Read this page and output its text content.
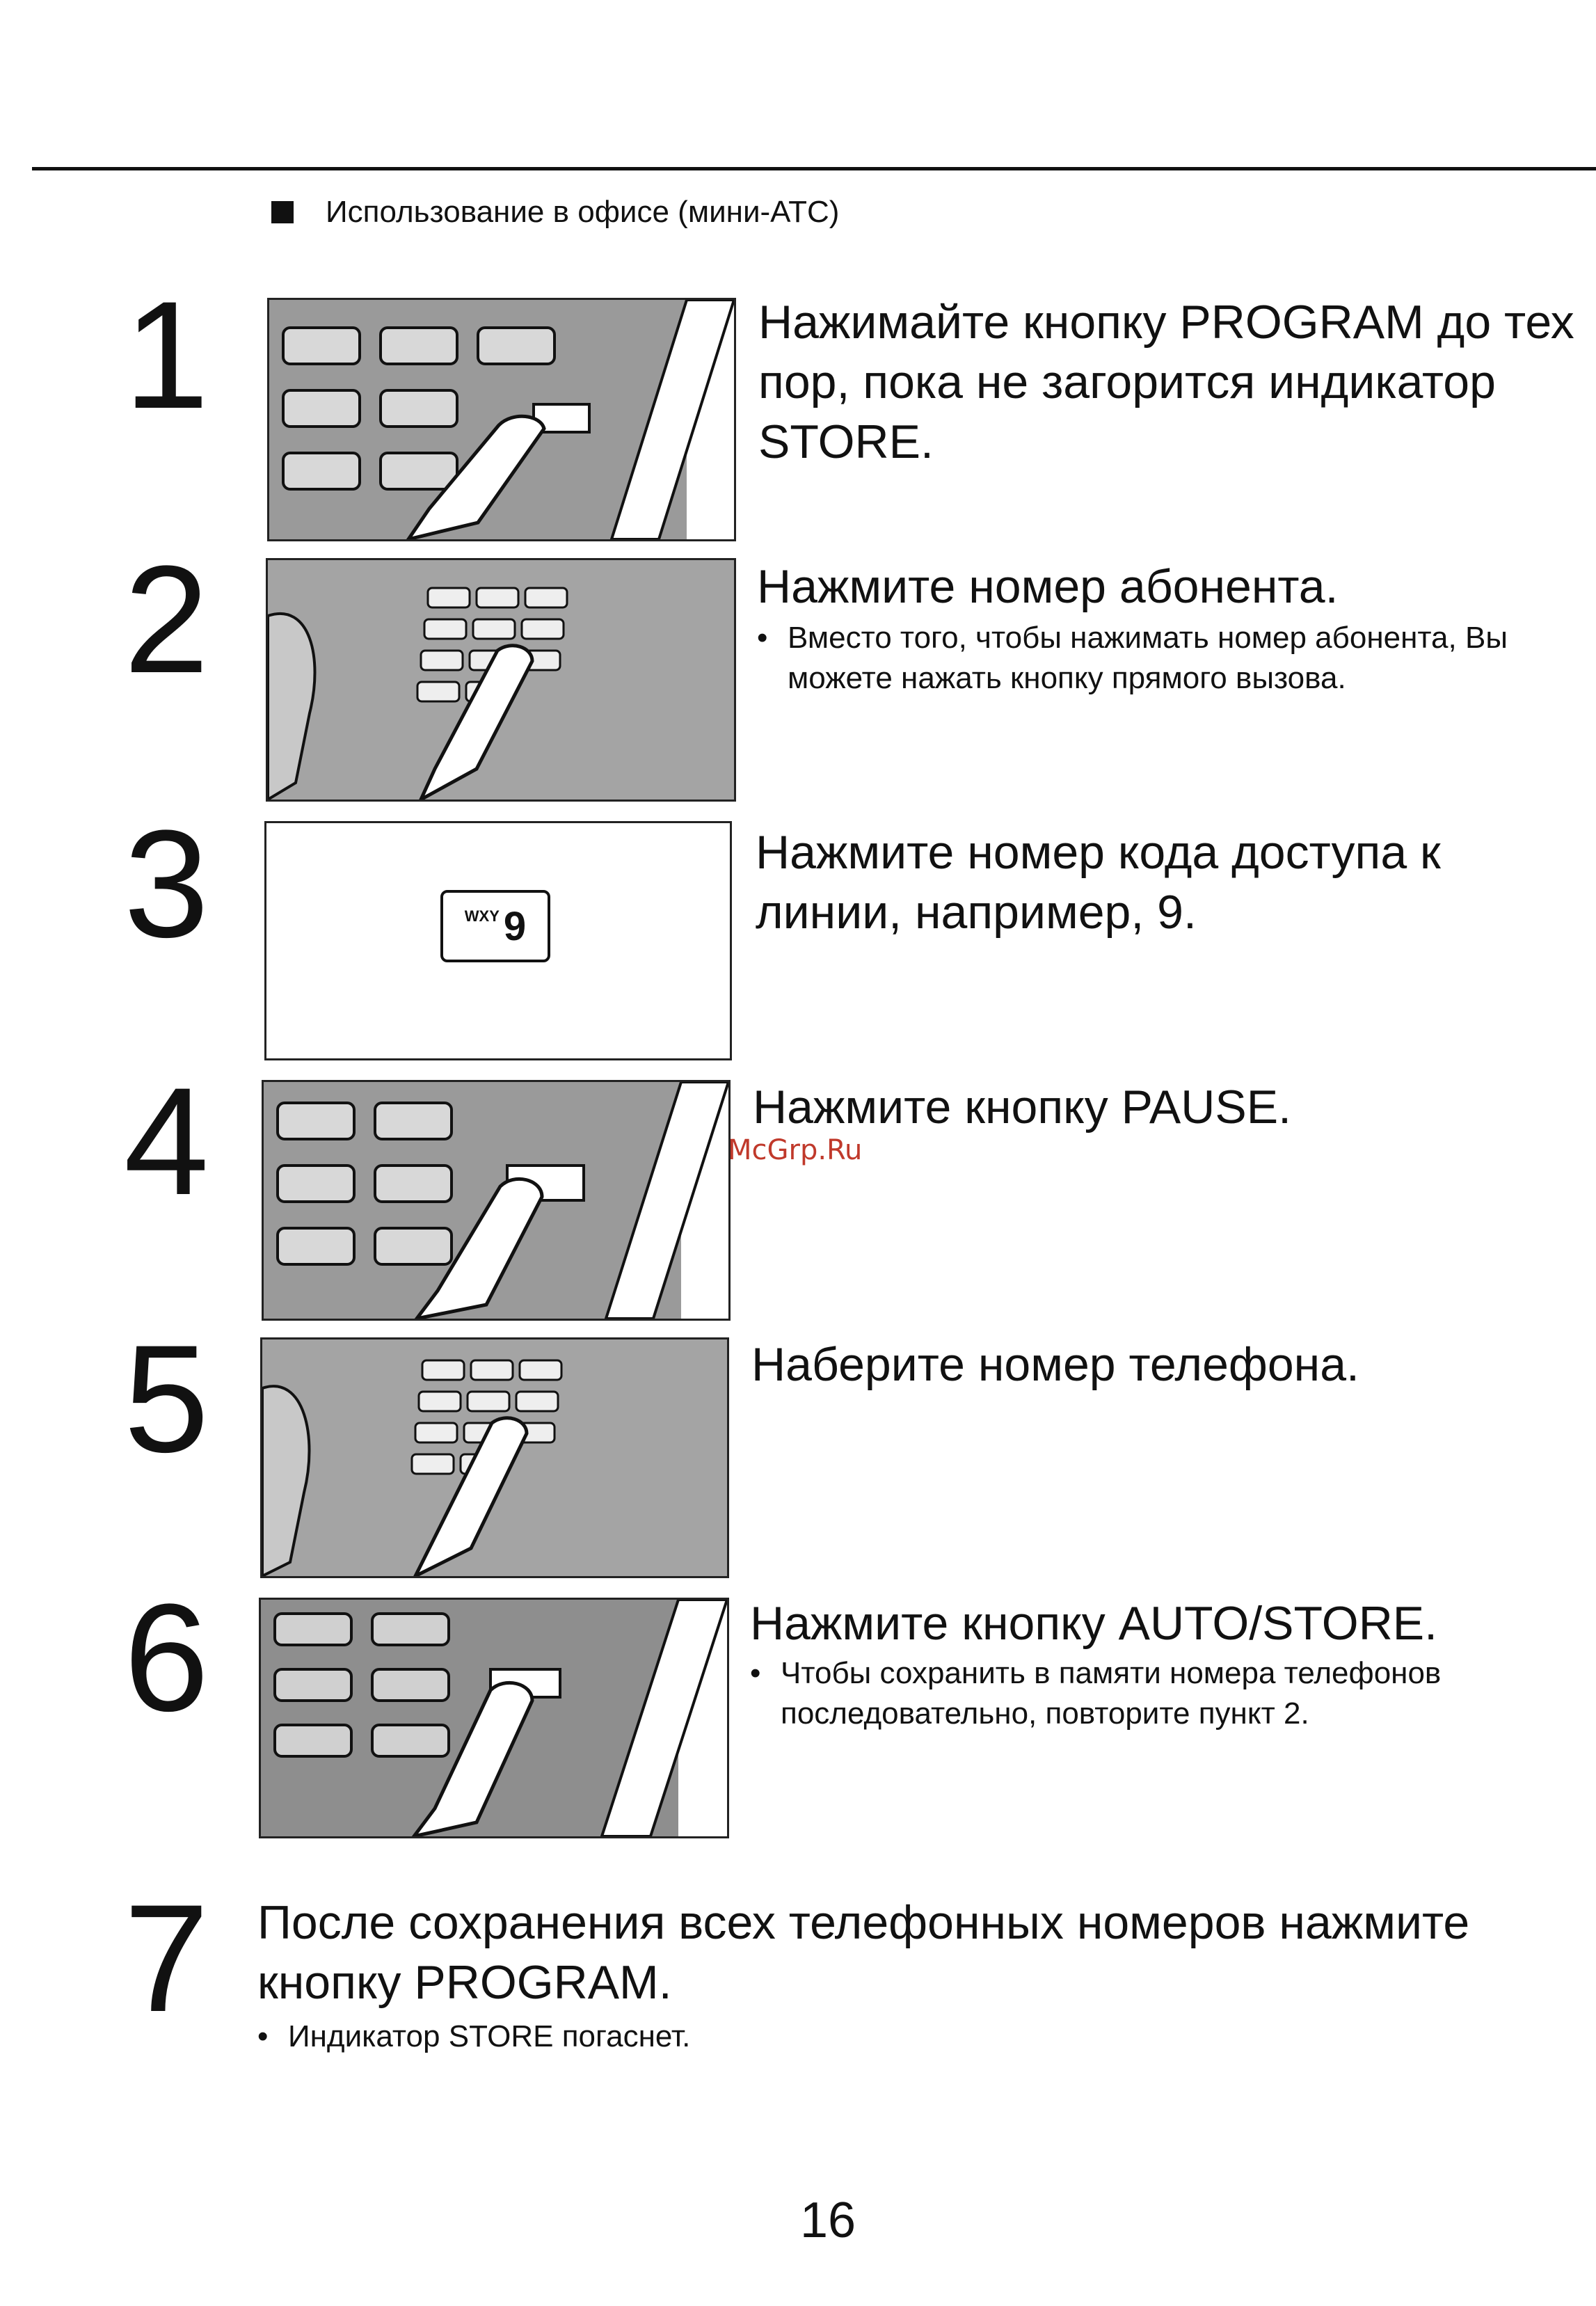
Использование в офисе (мини-АТС)
1	Нажимайте кнопку PROGRAM до тех пор, пока не загорится индикатор STORE.
2	Нажмите номер абонента.
• Вместо того, чтобы нажимать номер абонента, Вы можете нажать кнопку прямого вызова.
3	WXY 9
Нажмите номер кода доступа к линии, например, 9.
4	Нажмите кнопку PAUSE.
McGrp.Ru
5	Наберите номер телефона.
6	Нажмите кнопку AUTO/STORE.
• Чтобы сохранить в памяти номера телефонов последовательно, повторите пункт 2.
7 После сохранения всех телефонных номеров нажмите кнопку PROGRAM.
• Индикатор STORE погаснет.
16
